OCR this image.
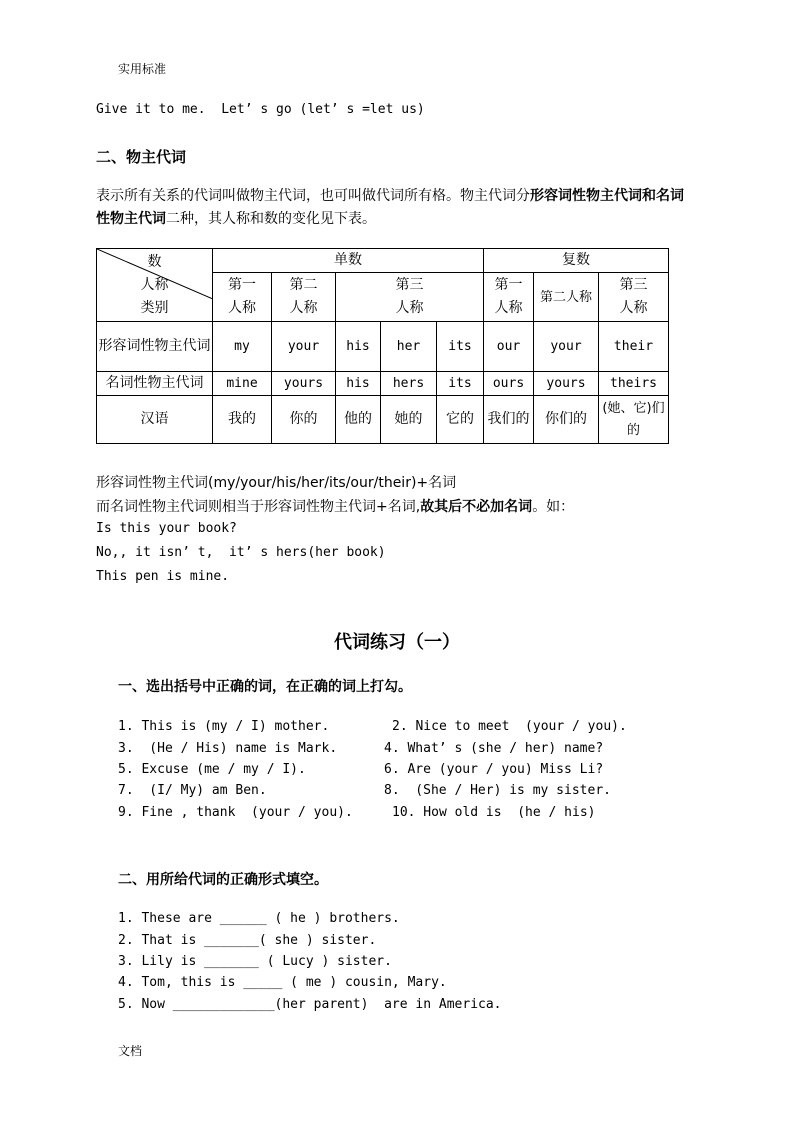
实用标准
Give it to me.  Let’ s go (let’ s =let us)
二、物主代词
表示所有关系的代词叫做物主代词，也可叫做代词所有格。物主代词分形容词性物主代词和名词性物主代词二种，其人称和数的变化见下表。
数
人称
类别	单数					复数		

	第一人称	第二人称	第三人称			第一人称	第二人称	第三人称

形容词性物主代词	my	your	his	her	its	our	your	their
名词性物主代词	mine	yours	his	hers	its	ours	yours	theirs
汉语	我的	你的	他的	她的	它的	我们的	你们的	(她、它)们的
形容词性物主代词(my/your/his/her/its/our/their)+名词
而名词性物主代词则相当于形容词性物主代词+名词,故其后不必加名词。如：
Is this your book?
No,, it isn’ t,  it’ s hers(her book)
This pen is mine.
代词练习（一）
一、选出括号中正确的词，在正确的词上打勾。
1. This is (my / I) mother.
3.  (He / His) name is Mark.
5. Excuse (me / my / I).
7.  (I/ My) am Ben.
9. Fine , thank  (your / you).
2. Nice to meet  (your / you).
4. What’ s (she / her) name?
6. Are (your / you) Miss Li?
8.  (She / Her) is my sister.
10. How old is  (he / his)
二、用所给代词的正确形式填空。
1. These are ______ ( he ) brothers.
2. That is _______( she ) sister.
3. Lily is _______ ( Lucy ) sister.
4. Tom, this is _____ ( me ) cousin, Mary.
5. Now _____________(her parent)  are in America.
文档
